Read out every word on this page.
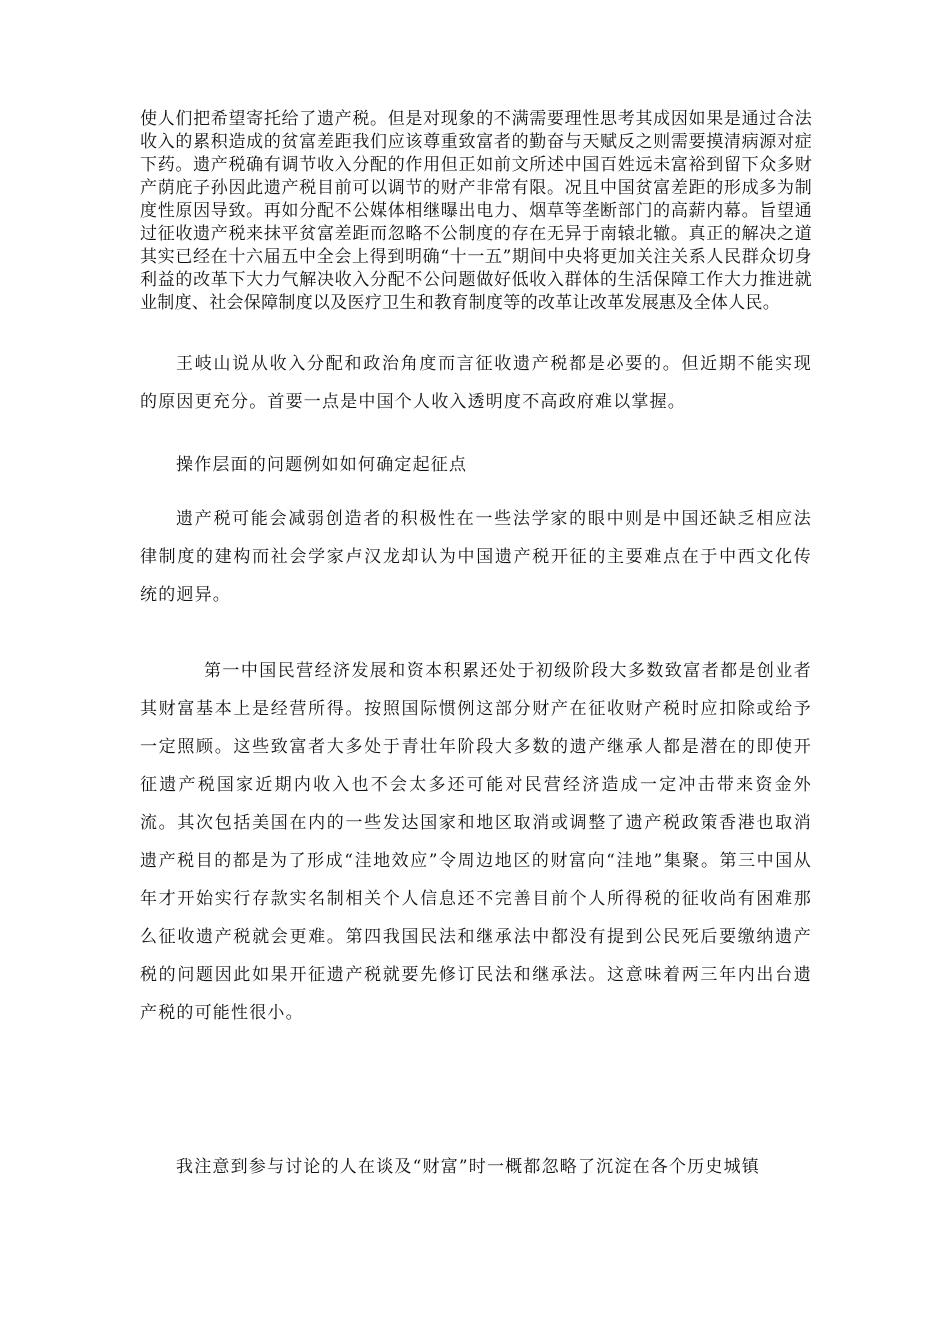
使人们把希望寄托给了遗产税。但是对现象的不满需要理性思考其成因如果是通过合法收入的累积造成的贫富差距我们应该尊重致富者的勤奋与天赋反之则需要摸清病源对症下药。遗产税确有调节收入分配的作用但正如前文所述中国百姓远未富裕到留下众多财产荫庇子孙因此遗产税目前可以调节的财产非常有限。况且中国贫富差距的形成多为制度性原因导致。再如分配不公媒体相继曝出电力、烟草等垄断部门的高薪内幕。旨望通过征收遗产税来抹平贫富差距而忽略不公制度的存在无异于南辕北辙。真正的解决之道其实已经在十六届五中全会上得到明确“十一五”期间中央将更加关注关系人民群众切身利益的改革下大力气解决收入分配不公问题做好低收入群体的生活保障工作大力推进就业制度、社会保障制度以及医疗卫生和教育制度等的改革让改革发展惠及全体人民。

王岐山说从收入分配和政治角度而言征收遗产税都是必要的。但近期不能实现的原因更充分。首要一点是中国个人收入透明度不高政府难以掌握。

操作层面的问题例如如何确定起征点

遗产税可能会减弱创造者的积极性在一些法学家的眼中则是中国还缺乏相应法律制度的建构而社会学家卢汉龙却认为中国遗产税开征的主要难点在于中西文化传统的迥异。

第一中国民营经济发展和资本积累还处于初级阶段大多数致富者都是创业者其财富基本上是经营所得。按照国际惯例这部分财产在征收财产税时应扣除或给予一定照顾。这些致富者大多处于青壮年阶段大多数的遗产继承人都是潜在的即使开征遗产税国家近期内收入也不会太多还可能对民营经济造成一定冲击带来资金外流。其次包括美国在内的一些发达国家和地区取消或调整了遗产税政策香港也取消遗产税目的都是为了形成“洼地效应”令周边地区的财富向“洼地”集聚。第三中国从年才开始实行存款实名制相关个人信息还不完善目前个人所得税的征收尚有困难那么征收遗产税就会更难。第四我国民法和继承法中都没有提到公民死后要缴纳遗产税的问题因此如果开征遗产税就要先修订民法和继承法。这意味着两三年内出台遗产税的可能性很小。

我注意到参与讨论的人在谈及“财富”时一概都忽略了沉淀在各个历史城镇
